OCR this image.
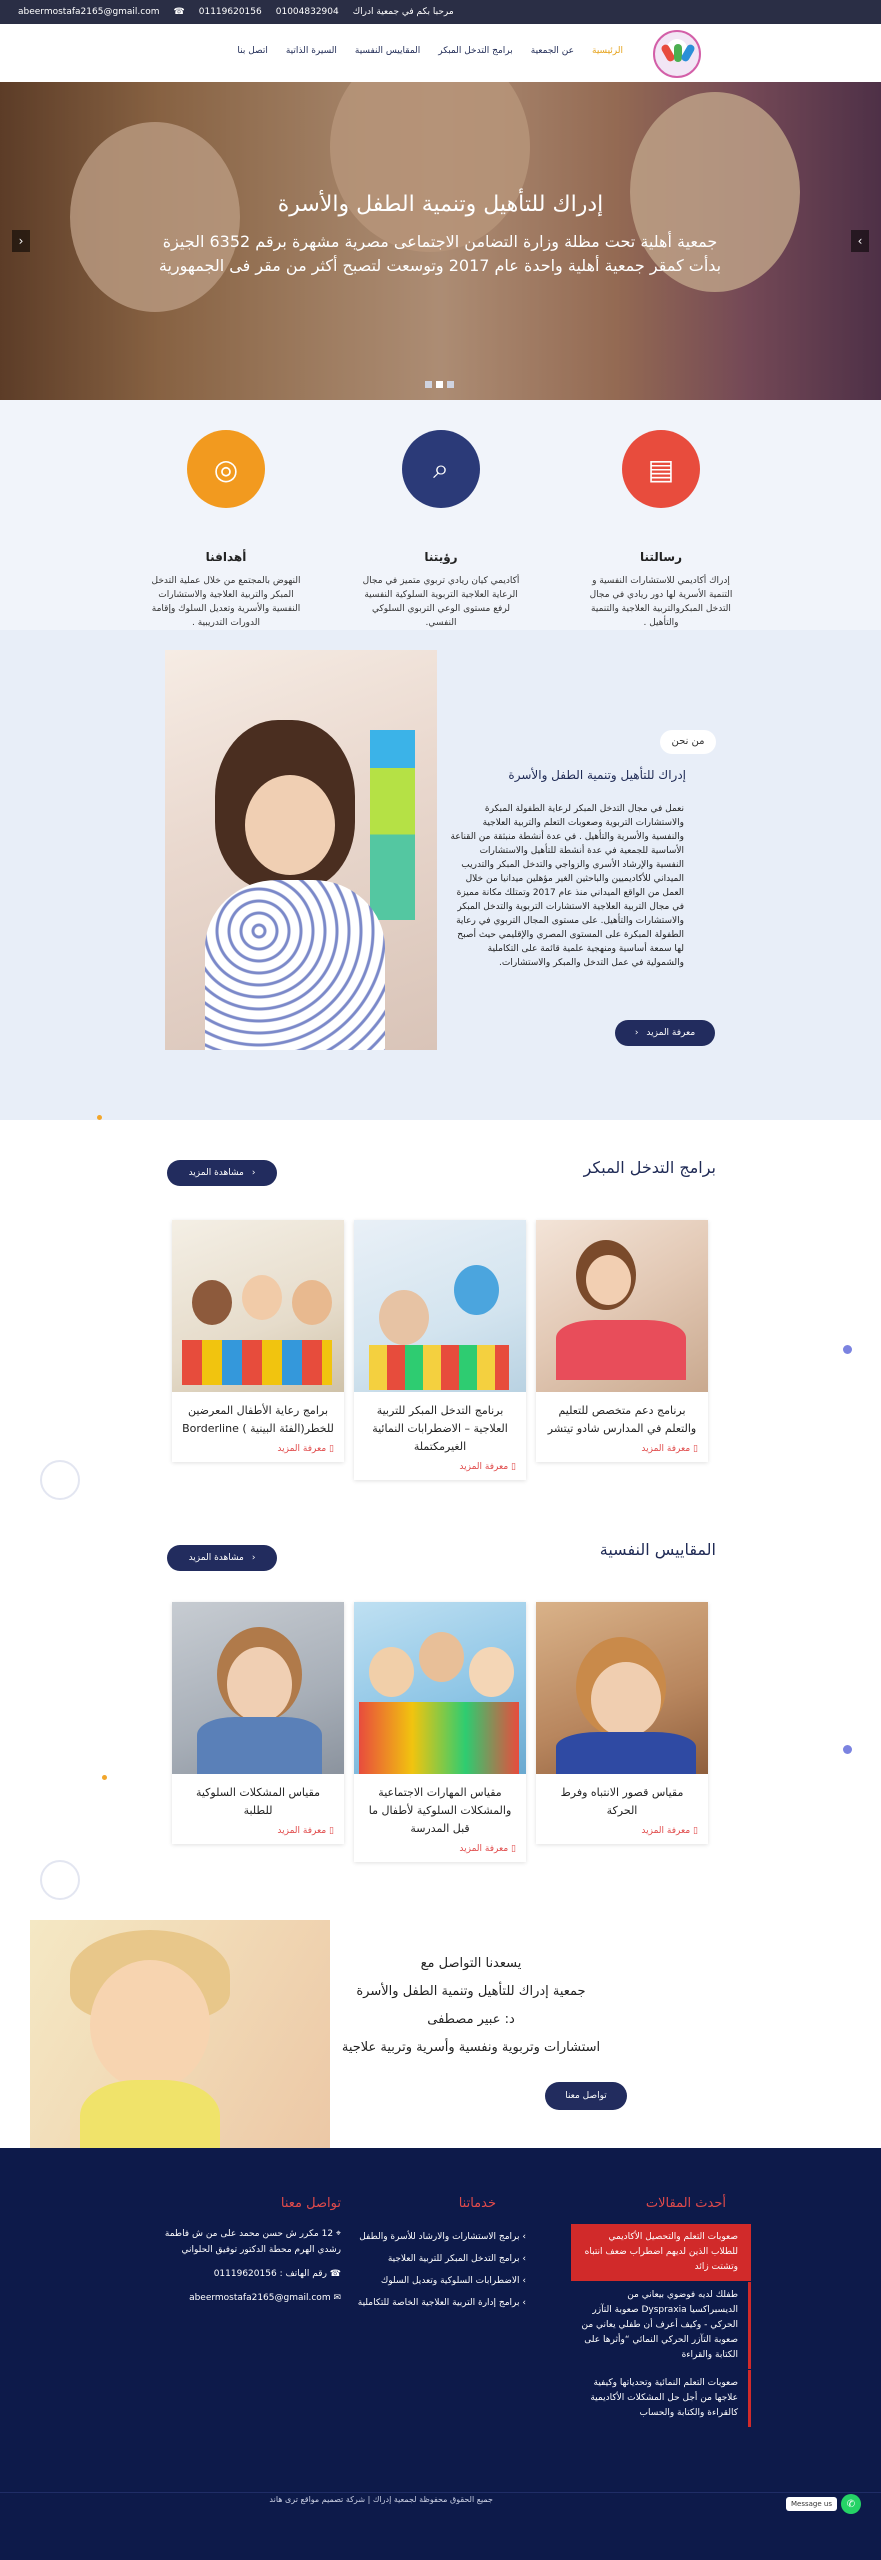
abeermostafa2165@gmail.com ☎ 01119620156 01004832904 مرحبا بكم في جمعية ادراك
الرئيسية
عن الجمعية
برامج التدخل المبكر
المقاييس النفسية
السيرة الذاتية
اتصل بنا
إدراك للتأهيل وتنمية الطفل والأسرة

جمعية أهلية تحت مظلة وزارة التضامن الاجتماعى مصرية مشهرة برقم 6352 الجيزة
بدأت كمقر جمعية أهلية واحدة عام 2017 وتوسعت لتصبح أكثر من مقر فى الجمهورية

‹	›
▤
رسالتنا

إدراك أكاديمي للاستشارات النفسية و التنمية الأسرية لها دور ريادي في مجال التدخل المبكروالتربية العلاجية والتنمية والتأهيل .

⌕
رؤيتنا

أكاديمي كيان ريادي تربوي متميز في مجال الرعاية العلاجية التربوية السلوكية النفسية لرفع مستوى الوعي التربوي السلوكي النفسي.

◎
أهدافنا

النهوض بالمجتمع من خلال عملية التدخل المبكر والتربية العلاجية والاستشارات النفسية والأسرية وتعديل السلوك وإقامة الدورات التدريبية .

من نحن
إدراك للتأهيل وتنمية الطفل والأسرة
نعمل في مجال التدخل المبكر لرعاية الطفولة المبكرة والاستشارات التربوية وصعوبات التعلم والتربية العلاجية والنفسية والأسرية والتأهيل . في عدة أنشطة منبثقة من القناعة الأساسية للجمعية في عدة أنشطة للتأهيل والاستشارات النفسية والإرشاد الأسري والزواجي والتدخل المبكر والتدريب الميداني للأكاديميين والباحثين الغير مؤهلين ميدانيا من خلال العمل من الواقع الميداني منذ عام 2017 وتمتلك مكانة مميزة في مجال التربية العلاجية الاستشارات التربوية والتدخل المبكر والاستشارات والتأهيل. على مستوى المجال التربوي في رعاية الطفولة المبكرة على المستوى المصري والإقليمي حيث أصبح لها سمعة أساسية ومنهجية علمية قائمة على التكاملية والشمولية في عمل التدخل والمبكر والاستشارات.
معرفة المزيد
‹
برامج التدخل المبكر
‹
مشاهدة المزيد
برنامج دعم متخصص للتعليم والتعلم في المدارس شادو تيتشر
▯ معرفة المزيد
برنامج التدخل المبكر للتربية العلاجية – الاضطرابات النمائية الغيرمكتملة
▯ معرفة المزيد
برامج رعاية الأطفال المعرضين للخطر(الفئة البينية ) Borderline
▯ معرفة المزيد
المقاييس النفسية
‹
مشاهدة المزيد
مقياس قصور الانتباه وفرط الحركة
▯ معرفة المزيد
مقياس المهارات الاجتماعية والمشكلات السلوكية لأطفال ما قبل المدرسة
▯ معرفة المزيد
مقياس المشكلات السلوكية للطلبة
▯ معرفة المزيد
يسعدنا التواصل مع
جمعية إدراك للتأهيل وتنمية الطفل والأسرة
د: عبير مصطفى
استشارات وتربوية ونفسية وأسرية وتربية علاجية
تواصل معنا
أحدث المقالات
صعوبات التعلم والتحصيل الأكاديمي للطلاب الذين لديهم اضطراب ضعف انتباه وتشتت زائد
طفلك لديه فوضوي بيعاني من الديسبراكسيا Dyspraxia صعوبة التآزر الحركي - وكيف أعرف أن طفلي يعاني من صعوبة التآزر الحركي النمائي “وأثرها على الكتابة والقراءة
صعوبات التعلم النمائية وتحدياتها وكيفية علاجها من أجل حل المشكلات الأكاديمية كالقراءة والكتابة والحساب
خدماتنا
› برامج الاستشارات والارشاد للأسرة والطفل
› برامج التدخل المبكر للتربية العلاجية
› الاضطرابات السلوكية وتعديل السلوك
› برامج إدارة التربية العلاجية الخاصة للتكاملية
تواصل معنا
⌖ 12 مكرر ش حسن محمد على من ش فاطمة رشدي الهرم محطة الدكتور توفيق الحلواني
☎ رقم الهاتف : 01119620156
✉ abeermostafa2165@gmail.com
جميع الحقوق محفوظة لجمعية إدراك | شركة تصميم مواقع ترى هاند	Message us	✆
